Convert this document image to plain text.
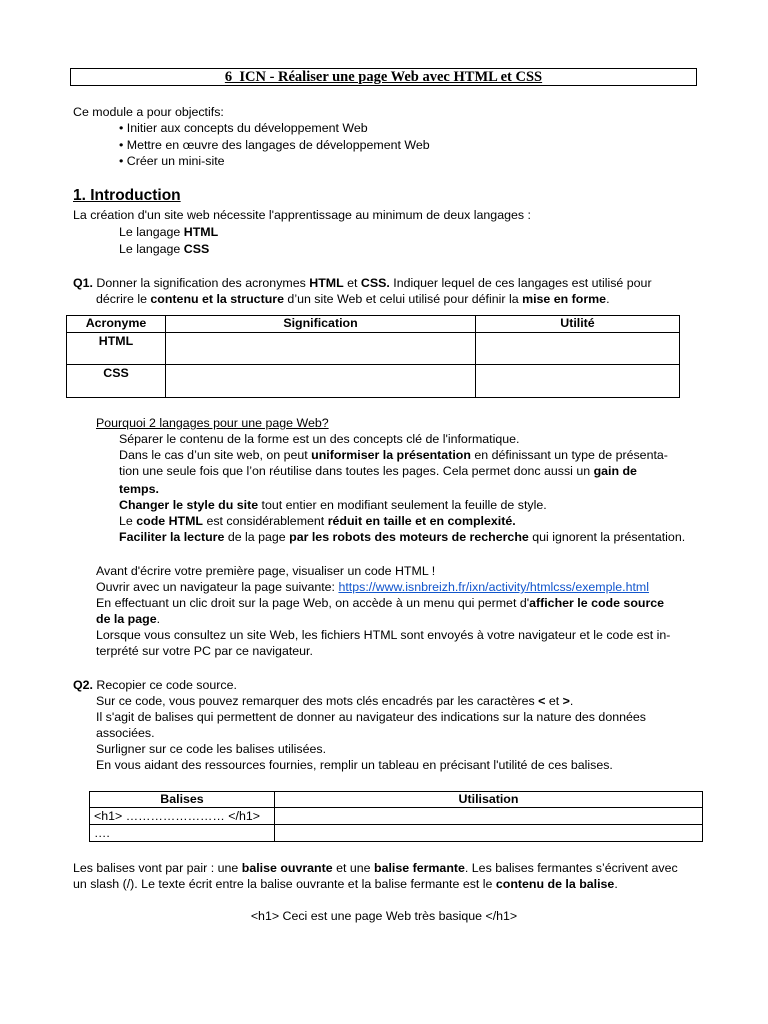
6_ICN - Réaliser une page Web avec HTML et CSS
Ce module a pour objectifs:
• Initier aux concepts du développement Web
• Mettre en œuvre des langages de développement Web
• Créer un mini-site
1. Introduction
La création d'un site web nécessite l'apprentissage au minimum de deux langages :
Le langage HTML
Le langage CSS
Q1. Donner la signification des acronymes HTML et CSS. Indiquer lequel de ces langages est utilisé pour
décrire le contenu et la structure d’un site Web et celui utilisé pour définir la mise en forme.
Acronyme	Signification	Utilité
HTML		
CSS		
Pourquoi 2 langages pour une page Web?
Séparer le contenu de la forme est un des concepts clé de l'informatique.
Dans le cas d’un site web, on peut uniformiser la présentation en définissant un type de présenta-
tion une seule fois que l’on réutilise dans toutes les pages. Cela permet donc aussi un gain de
temps.
Changer le style du site tout entier en modifiant seulement la feuille de style.
Le code HTML est considérablement réduit en taille et en complexité.
Faciliter la lecture de la page par les robots des moteurs de recherche qui ignorent la présentation.
Avant d'écrire votre première page, visualiser un code HTML !
Ouvrir avec un navigateur la page suivante: https://www.isnbreizh.fr/ixn/activity/htmlcss/exemple.html
En effectuant un clic droit sur la page Web, on accède à un menu qui permet d'afficher le code source
de la page.
Lorsque vous consultez un site Web, les fichiers HTML sont envoyés à votre navigateur et le code est in-
terprété sur votre PC par ce navigateur.
Q2. Recopier ce code source.
Sur ce code, vous pouvez remarquer des mots clés encadrés par les caractères < et >.
Il s'agit de balises qui permettent de donner au navigateur des indications sur la nature des données
associées.
Surligner sur ce code les balises utilisées.
En vous aidant des ressources fournies, remplir un tableau en précisant l'utilité de ces balises.
Balises	Utilisation
<h1> …………………… </h1>	
….	
Les balises vont par pair : une balise ouvrante et une balise fermante. Les balises fermantes s’écrivent avec
un slash (/). Le texte écrit entre la balise ouvrante et la balise fermante est le contenu de la balise.
<h1> Ceci est une page Web très basique </h1>
